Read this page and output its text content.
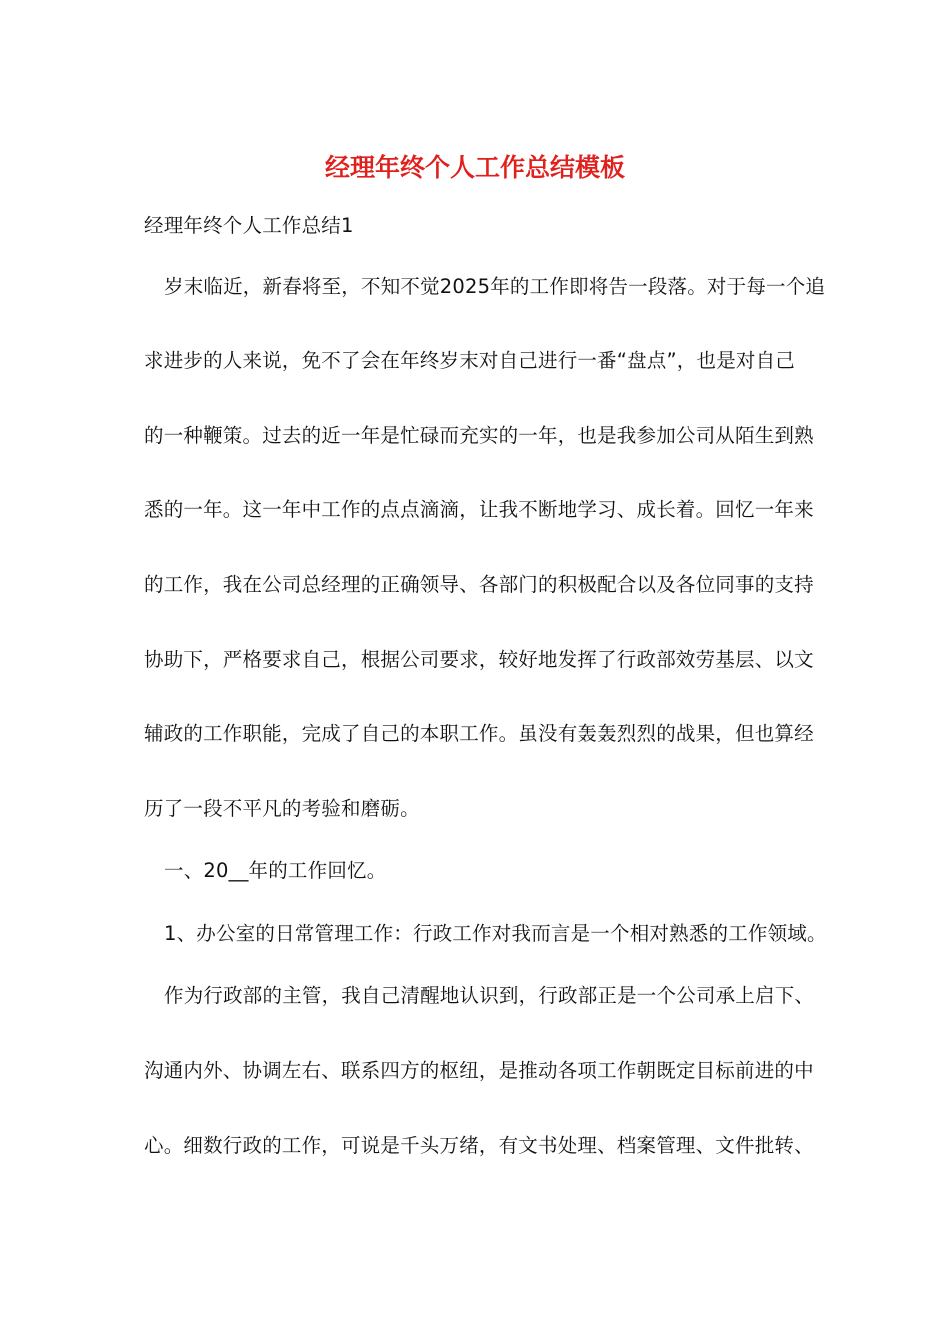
经理年终个人工作总结模板
经理年终个人工作总结1
岁末临近，新春将至，不知不觉2025年的工作即将告一段落。对于每一个追
求进步的人来说，免不了会在年终岁末对自己进行一番“盘点”，也是对自己
的一种鞭策。过去的近一年是忙碌而充实的一年，也是我参加公司从陌生到熟
悉的一年。这一年中工作的点点滴滴，让我不断地学习、成长着。回忆一年来
的工作，我在公司总经理的正确领导、各部门的积极配合以及各位同事的支持
协助下，严格要求自己，根据公司要求，较好地发挥了行政部效劳基层、以文
辅政的工作职能，完成了自己的本职工作。虽没有轰轰烈烈的战果，但也算经
历了一段不平凡的考验和磨砺。
一、20__年的工作回忆。
1、办公室的日常管理工作：行政工作对我而言是一个相对熟悉的工作领域。
作为行政部的主管，我自己清醒地认识到，行政部正是一个公司承上启下、
沟通内外、协调左右、联系四方的枢纽，是推动各项工作朝既定目标前进的中
心。细数行政的工作，可说是千头万绪，有文书处理、档案管理、文件批转、
